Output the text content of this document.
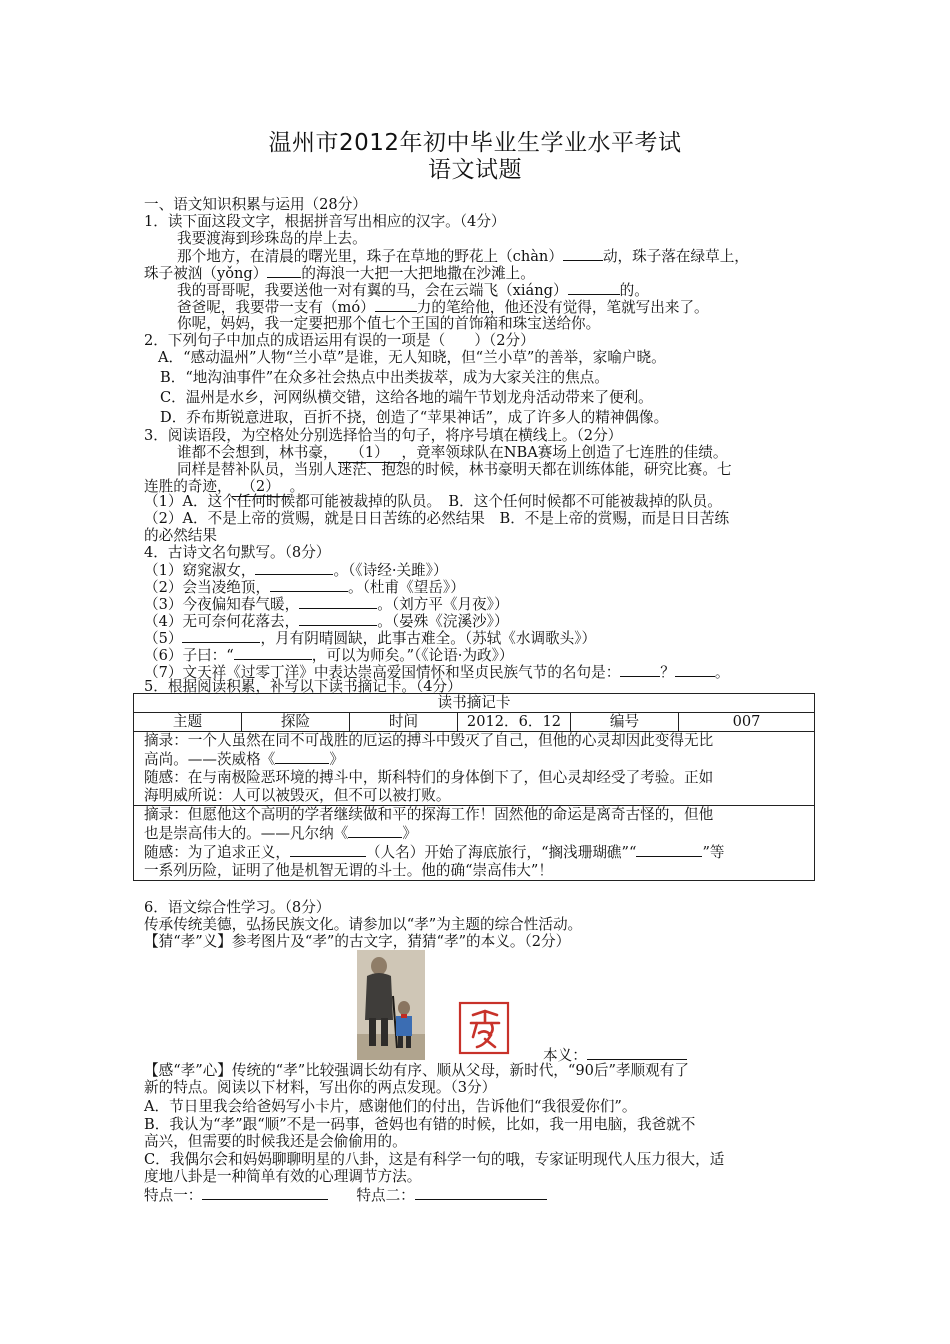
温州市2012年初中毕业生学业水平考试
语文试题
一、语文知识积累与运用（28分）
1．读下面这段文字，根据拼音写出相应的汉字。（4分）
我要渡海到珍珠岛的岸上去。
那个地方，在清晨的曙光里，珠子在草地的野花上（chàn）	动，珠子落在绿草上，
珠子被汹（yǒng） 的海浪一大把一大把地撒在沙滩上。
我的哥哥呢，我要送他一对有翼的马，会在云端飞（xiáng）	的。
爸爸呢，我要带一支有（mó）	力的笔给他，他还没有觉得，笔就写出来了。
你呢，妈妈，我一定要把那个值七个王国的首饰箱和珠宝送给你。
2．下列句子中加点的成语运用有误的一项是（　　）（2分）
A．“感动温州”人物“兰小草”是谁，无人知晓，但“兰小草”的善举，家喻户晓。
B．“地沟油事件”在众多社会热点中出类拔萃，成为大家关注的焦点。
C．温州是水乡，河网纵横交错，这给各地的端午节划龙舟活动带来了便利。
D．乔布斯锐意进取，百折不挠，创造了“苹果神话”，成了许多人的精神偶像。
3．阅读语段，为空格处分别选择恰当的句子，将序号填在横线上。（2分）
谁都不会想到，林书豪， （1） ，竟率领球队在NBA赛场上创造了七连胜的佳绩。
同样是替补队员，当别人迷茫、抱怨的时候，林书豪明天都在训练体能，研究比赛。七
连胜的奇迹， （2） 。
（1）A．这个任何时候都可能被裁掉的队员。　B．这个任何时候都不可能被裁掉的队员。
（2）A．不是上帝的赏赐，就是日日苦练的必然结果　B．不是上帝的赏赐，而是日日苦练
的必然结果
4．古诗文名句默写。（8分）
（1）窈窕淑女，	。（《诗经·关雎》）
（2）会当凌绝顶，	。（杜甫《望岳》）
（3）今夜偏知春气暖，	。（刘方平《月夜》）
（4）无可奈何花落去，	。（晏殊《浣溪沙》）
（5）	，月有阴晴圆缺，此事古难全。（苏轼《水调歌头》）
（6）子曰：“	，可以为师矣。”（《论语·为政》）
（7）文天祥《过零丁洋》中表达崇高爱国情怀和坚贞民族气节的名句是：	？	。
5．根据阅读积累，补写以下读书摘记卡。（4分）
读书摘记卡
主题	探险	时间	2012．6．12	编号	007

摘录：一个人虽然在同不可战胜的厄运的搏斗中毁灭了自己，但他的心灵却因此变得无比
高尚。——茨威格《	》
随感：在与南极险恶环境的搏斗中，斯科特们的身体倒下了，但心灵却经受了考验。正如
海明威所说：人可以被毁灭，但不可以被打败。

摘录：但愿他这个高明的学者继续做和平的探海工作！固然他的命运是离奇古怪的，但他
也是崇高伟大的。——凡尔纳《	》
随感：为了追求正义，	（人名）开始了海底旅行，“搁浅珊瑚礁”“	”等
一系列历险，证明了他是机智无谓的斗士。他的确“崇高伟大”！
6．语文综合性学习。（8分）
传承传统美德，弘扬民族文化。请参加以“孝”为主题的综合性活动。
【猜“孝”义】参考图片及“孝”的古文字，猜猜“孝”的本义。（2分）
本义：
【感“孝”心】传统的“孝”比较强调长幼有序、顺从父母，新时代，“90后”孝顺观有了
新的特点。阅读以下材料，写出你的两点发现。（3分）
A．节日里我会给爸妈写小卡片，感谢他们的付出，告诉他们“我很爱你们”。
B．我认为“孝”跟“顺”不是一码事，爸妈也有错的时候，比如，我一用电脑，我爸就不
高兴，但需要的时候我还是会偷偷用的。
C．我偶尔会和妈妈聊聊明星的八卦，这是有科学一句的哦，专家证明现代人压力很大，适
度地八卦是一种简单有效的心理调节方法。
特点一：	特点二：
